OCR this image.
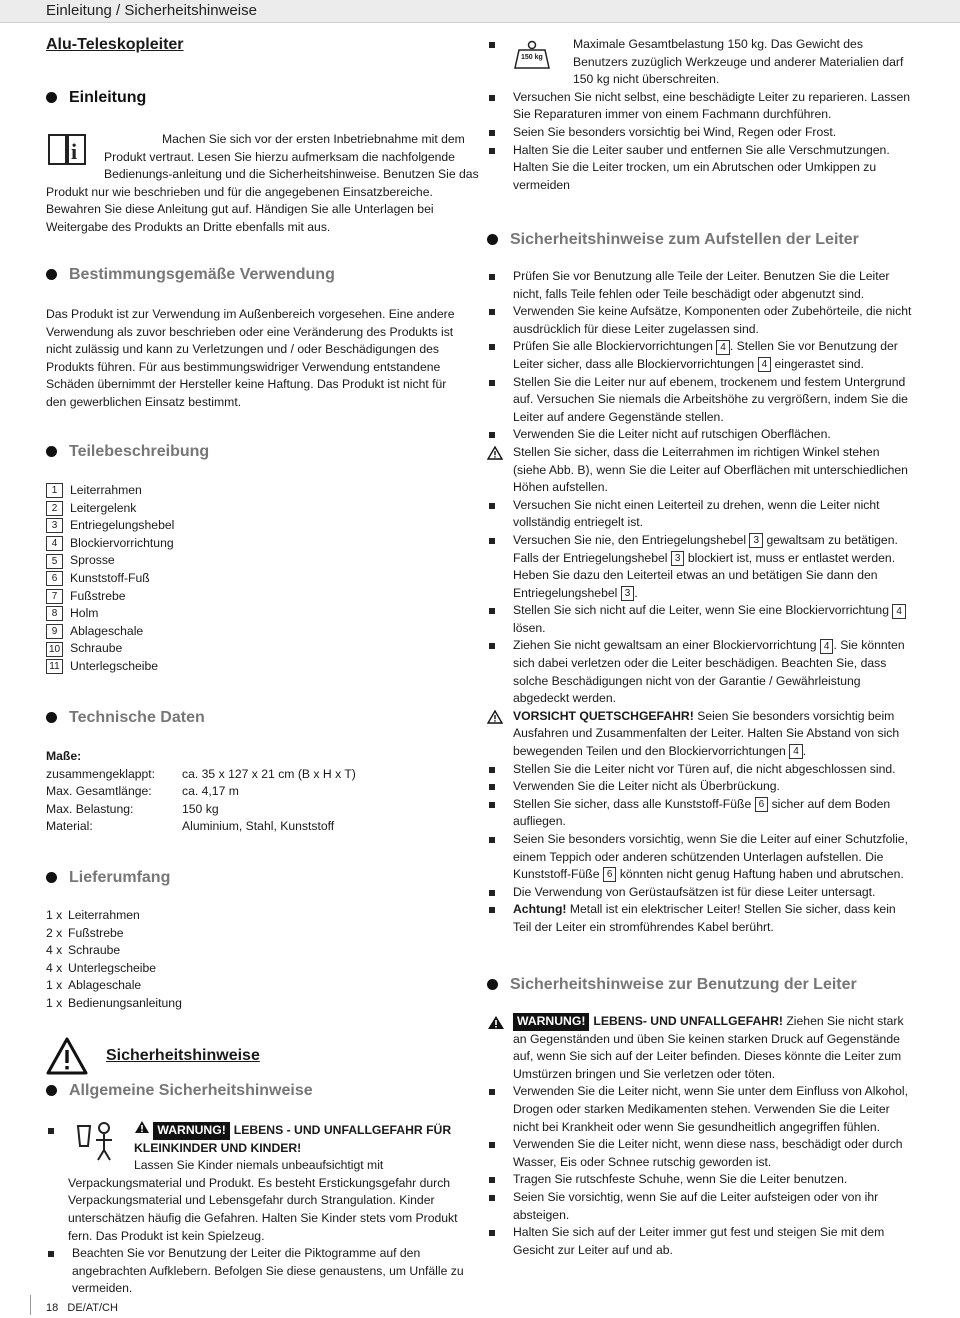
Einleitung / Sicherheitshinweise
Alu-Teleskopleiter
Einleitung
i	Machen Sie sich vor der ersten Inbetriebnahme mit dem Produkt vertraut. Lesen Sie hierzu aufmerksam die nachfolgende Bedienungs-anleitung und die Sicherheitshinweise. Benutzen Sie das Produkt nur wie beschrieben und für die angegebenen Einsatzbereiche. Bewahren Sie diese Anleitung gut auf. Händigen Sie alle Unterlagen bei Weitergabe des Produkts an Dritte ebenfalls mit aus.

Bestimmungsgemäße Verwendung

Das Produkt ist zur Verwendung im Außenbereich vorgesehen. Eine andere Verwendung als zuvor beschrieben oder eine Veränderung des Produkts ist nicht zulässig und kann zu Verletzungen und / oder Beschädigungen des Produkts führen. Für aus bestimmungswidriger Verwendung entstandene Schäden übernimmt der Hersteller keine Haftung. Das Produkt ist nicht für den gewerblichen Einsatz bestimmt.

Teilebeschreibung
1 Leiterrahmen
2 Leitergelenk
3 Entriegelungshebel
4 Blockiervorrichtung
5 Sprosse
6 Kunststoff-Fuß
7 Fußstrebe
8 Holm
9 Ablageschale
10 Schraube
11 Unterlegscheibe
Technische Daten
Maße:
zusammengeklappt:	ca. 35 x 127 x 21 cm (B x H x T)
Max. Gesamtlänge:	ca. 4,17 m
Max. Belastung:	150 kg
Material:	Aluminium, Stahl, Kunststoff
Lieferumfang
1 x Leiterrahmen
2 x Fußstrebe
4 x Schraube
4 x Unterlegscheibe
1 x Ablageschale
1 x Bedienungsanleitung
Sicherheitshinweise
Allgemeine Sicherheitshinweise
WARNUNG! LEBENS - UND UNFALLGEFAHR FÜR KLEINKINDER UND KINDER!

Lassen Sie Kinder niemals unbeaufsichtigt mit Verpackungsmaterial und Produkt. Es besteht Erstickungsgefahr durch Verpackungsmaterial und Lebensgefahr durch Strangulation. Kinder unterschätzen häufig die Gefahren. Halten Sie Kinder stets vom Produkt fern. Das Produkt ist kein Spielzeug.

Beachten Sie vor Benutzung der Leiter die Piktogramme auf den angebrachten Aufklebern. Befolgen Sie diese genaustens, um Unfälle zu vermeiden.
150 kg
Maximale Gesamtbelastung 150 kg. Das Gewicht des Benutzers zuzüglich Werkzeuge und anderer Materialien darf 150 kg nicht überschreiten.
Versuchen Sie nicht selbst, eine beschädigte Leiter zu reparieren. Lassen Sie Reparaturen immer von einem Fachmann durchführen.
Seien Sie besonders vorsichtig bei Wind, Regen oder Frost.
Halten Sie die Leiter sauber und entfernen Sie alle Verschmutzungen. Halten Sie die Leiter trocken, um ein Abrutschen oder Umkippen zu vermeiden
Sicherheitshinweise zum Aufstellen der Leiter
Prüfen Sie vor Benutzung alle Teile der Leiter. Benutzen Sie die Leiter nicht, falls Teile fehlen oder Teile beschädigt oder abgenutzt sind.
Verwenden Sie keine Aufsätze, Komponenten oder Zubehörteile, die nicht ausdrücklich für diese Leiter zugelassen sind.
Prüfen Sie alle Blockiervorrichtungen 4 . Stellen Sie vor Benutzung der Leiter sicher, dass alle Blockiervorrichtungen 4 eingerastet sind.
Stellen Sie die Leiter nur auf ebenem, trockenem und festem Untergrund auf. Versuchen Sie niemals die Arbeitshöhe zu vergrößern, indem Sie die Leiter auf andere Gegenstände stellen.
Verwenden Sie die Leiter nicht auf rutschigen Oberflächen.
Stellen Sie sicher, dass die Leiterrahmen im richtigen Winkel stehen (siehe Abb. B), wenn Sie die Leiter auf Oberflächen mit unterschiedlichen Höhen aufstellen.
Versuchen Sie nicht einen Leiterteil zu drehen, wenn die Leiter nicht vollständig entriegelt ist.
Versuchen Sie nie, den Entriegelungshebel 3 gewaltsam zu betätigen. Falls der Entriegelungshebel 3 blockiert ist, muss er entlastet werden. Heben Sie dazu den Leiterteil etwas an und betätigen Sie dann den Entriegelungshebel 3 .
Stellen Sie sich nicht auf die Leiter, wenn Sie eine Blockiervorrichtung 4 lösen.
Ziehen Sie nicht gewaltsam an einer Blockiervorrichtung 4 . Sie könnten sich dabei verletzen oder die Leiter beschädigen. Beachten Sie, dass solche Beschädigungen nicht von der Garantie / Gewährleistung abgedeckt werden.
VORSICHT QUETSCHGEFAHR! Seien Sie besonders vorsichtig beim Ausfahren und Zusammenfalten der Leiter. Halten Sie Abstand von sich bewegenden Teilen und den Blockiervorrichtungen 4 .
Stellen Sie die Leiter nicht vor Türen auf, die nicht abgeschlossen sind.
Verwenden Sie die Leiter nicht als Überbrückung.
Stellen Sie sicher, dass alle Kunststoff-Füße 6 sicher auf dem Boden aufliegen.
Seien Sie besonders vorsichtig, wenn Sie die Leiter auf einer Schutzfolie, einem Teppich oder anderen schützenden Unterlagen aufstellen. Die Kunststoff-Füße 6 könnten nicht genug Haftung haben und abrutschen.
Die Verwendung von Gerüstaufsätzen ist für diese Leiter untersagt.
Achtung! Metall ist ein elektrischer Leiter! Stellen Sie sicher, dass kein Teil der Leiter ein stromführendes Kabel berührt.
Sicherheitshinweise zur Benutzung der Leiter
WARNUNG! LEBENS- UND UNFALLGEFAHR! Ziehen Sie nicht stark an Gegenständen und üben Sie keinen starken Druck auf Gegenstände auf, wenn Sie sich auf der Leiter befinden. Dieses könnte die Leiter zum Umstürzen bringen und Sie verletzen oder töten.
Verwenden Sie die Leiter nicht, wenn Sie unter dem Einfluss von Alkohol, Drogen oder starken Medikamenten stehen. Verwenden Sie die Leiter nicht bei Krankheit oder wenn Sie gesundheitlich angegriffen fühlen.
Verwenden Sie die Leiter nicht, wenn diese nass, beschädigt oder durch Wasser, Eis oder Schnee rutschig geworden ist.
Tragen Sie rutschfeste Schuhe, wenn Sie die Leiter benutzen.
Seien Sie vorsichtig, wenn Sie auf die Leiter aufsteigen oder von ihr absteigen.
Halten Sie sich auf der Leiter immer gut fest und steigen Sie mit dem Gesicht zur Leiter auf und ab.
18 DE/AT/CH
